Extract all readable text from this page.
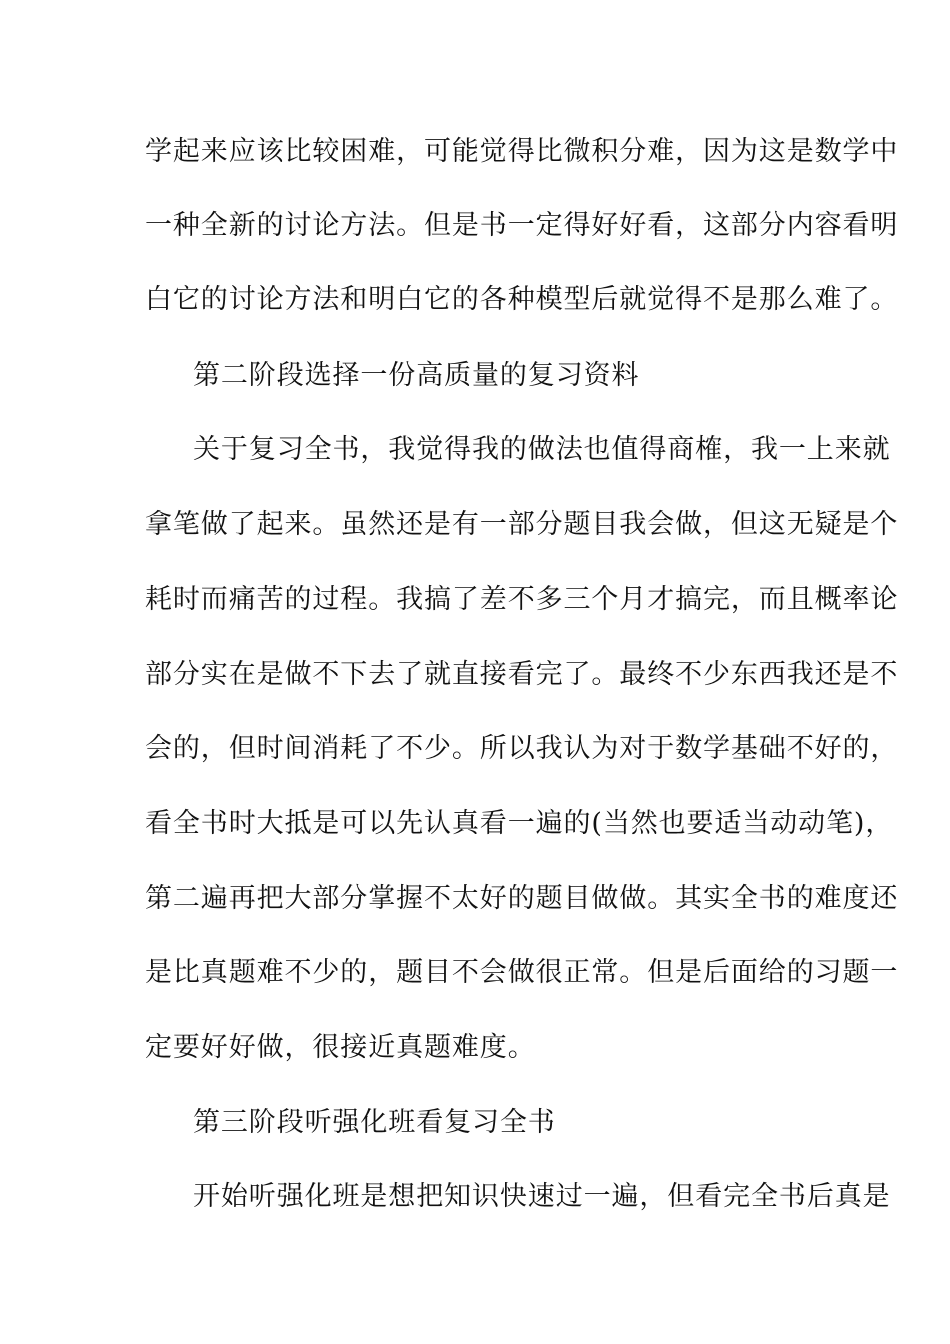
学起来应该比较困难，可能觉得比微积分难，因为这是数学中
一种全新的讨论方法。但是书一定得好好看，这部分内容看明
白它的讨论方法和明白它的各种模型后就觉得不是那么难了。
第二阶段选择一份高质量的复习资料
关于复习全书，我觉得我的做法也值得商榷，我一上来就
拿笔做了起来。虽然还是有一部分题目我会做，但这无疑是个
耗时而痛苦的过程。我搞了差不多三个月才搞完，而且概率论
部分实在是做不下去了就直接看完了。最终不少东西我还是不
会的，但时间消耗了不少。所以我认为对于数学基础不好的，
看全书时大抵是可以先认真看一遍的(当然也要适当动动笔)，
第二遍再把大部分掌握不太好的题目做做。其实全书的难度还
是比真题难不少的，题目不会做很正常。但是后面给的习题一
定要好好做，很接近真题难度。
第三阶段听强化班看复习全书
开始听强化班是想把知识快速过一遍，但看完全书后真是
